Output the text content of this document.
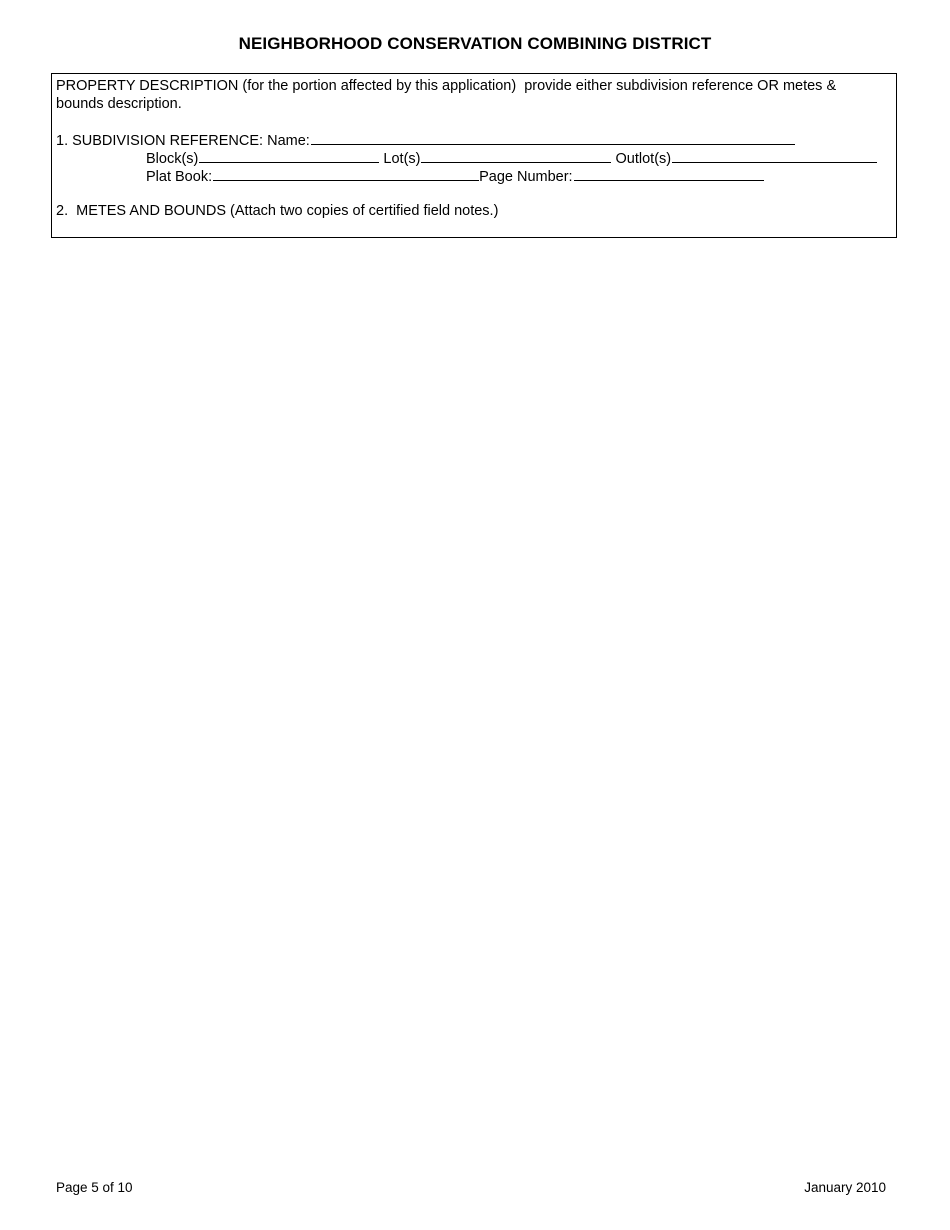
NEIGHBORHOOD CONSERVATION COMBINING DISTRICT
PROPERTY DESCRIPTION (for the portion affected by this application)  provide either subdivision reference OR metes &
bounds description.
1. SUBDIVISION REFERENCE: Name:
Block(s)	Lot(s)	Outlot(s)
Plat Book:	Page Number:
2.  METES AND BOUNDS (Attach two copies of certified field notes.)
Page 5 of 10	January 2010
